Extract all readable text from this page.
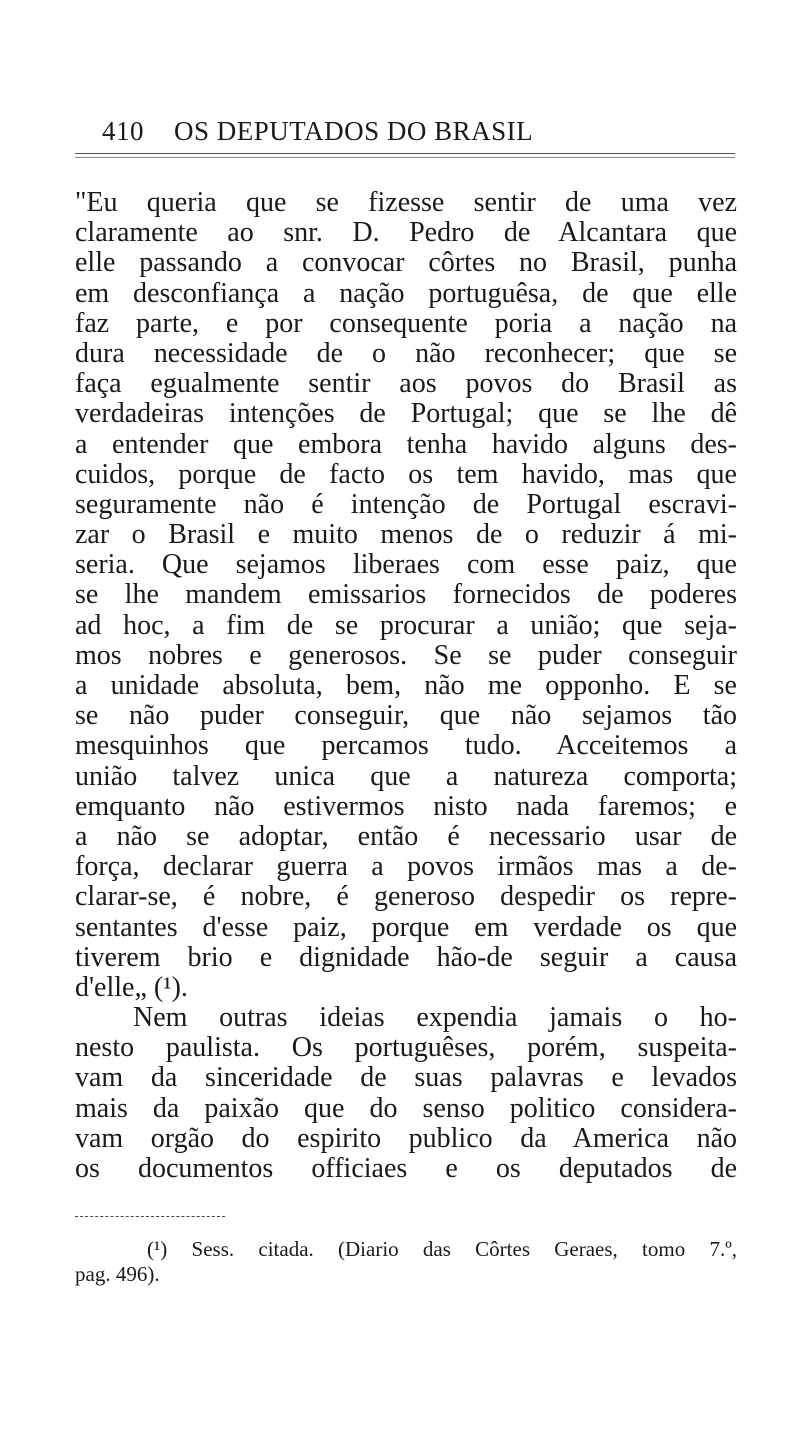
410 OS DEPUTADOS DO BRASIL
"Eu queria que se fizesse sentir de uma vez
claramente ao snr. D. Pedro de Alcantara que
elle passando a convocar côrtes no Brasil, punha
em desconfiança a nação portuguêsa, de que elle
faz parte, e por consequente poria a nação na
dura necessidade de o não reconhecer; que se
faça egualmente sentir aos povos do Brasil as
verdadeiras intenções de Portugal; que se lhe dê
a entender que embora tenha havido alguns des-
cuidos, porque de facto os tem havido, mas que
seguramente não é intenção de Portugal escravi-
zar o Brasil e muito menos de o reduzir á mi-
seria. Que sejamos liberaes com esse paiz, que
se lhe mandem emissarios fornecidos de poderes
ad hoc, a fim de se procurar a união; que seja-
mos nobres e generosos. Se se puder conseguir
a unidade absoluta, bem, não me opponho. E se
se não puder conseguir, que não sejamos tão
mesquinhos que percamos tudo. Acceitemos a
união talvez unica que a natureza comporta;
emquanto não estivermos nisto nada faremos; e
a não se adoptar, então é necessario usar de
força, declarar guerra a povos irmãos mas a de-
clarar-se, é nobre, é generoso despedir os repre-
sentantes d'esse paiz, porque em verdade os que
tiverem brio e dignidade hão-de seguir a causa
d'elle„ (¹).
Nem outras ideias expendia jamais o ho-
nesto paulista. Os portuguêses, porém, suspeita-
vam da sinceridade de suas palavras e levados
mais da paixão que do senso politico considera-
vam orgão do espirito publico da America não
os documentos officiaes e os deputados de
(¹) Sess. citada. (Diario das Côrtes Geraes, tomo 7.º,
pag. 496).
